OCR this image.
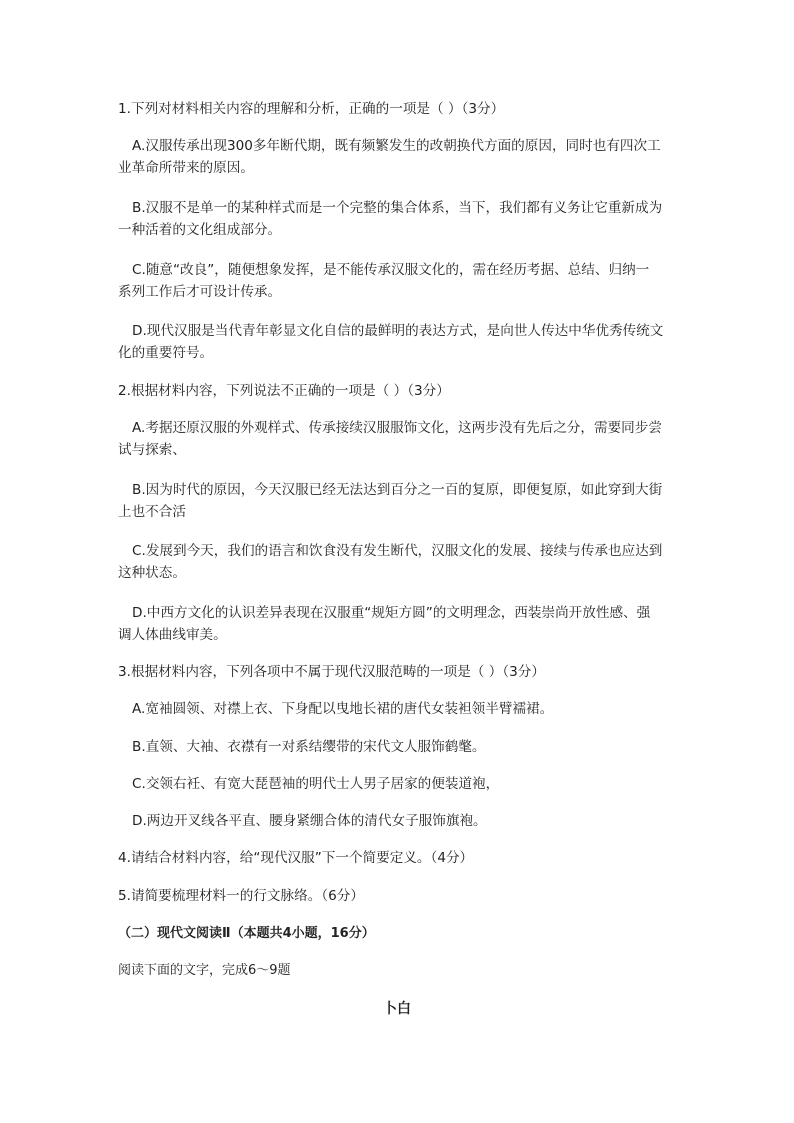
1.下列对材料相关内容的理解和分析，正确的一项是（ ）（3分）
A.汉服传承出现300多年断代期，既有频繁发生的改朝换代方面的原因，同时也有四次工
业革命所带来的原因。
B.汉服不是单一的某种样式而是一个完整的集合体系，当下，我们都有义务让它重新成为
一种活着的文化组成部分。
C.随意“改良”，随便想象发挥，是不能传承汉服文化的，需在经历考据、总结、归纳一
系列工作后才可设计传承。
D.现代汉服是当代青年彰显文化自信的最鲜明的表达方式，是向世人传达中华优秀传统文
化的重要符号。
2.根据材料内容，下列说法不正确的一项是（ ）（3分）
A.考据还原汉服的外观样式、传承接续汉服服饰文化，这两步没有先后之分，需要同步尝
试与探索、
B.因为时代的原因，今天汉服已经无法达到百分之一百的复原，即便复原，如此穿到大街
上也不合活
C.发展到今天，我们的语言和饮食没有发生断代，汉服文化的发展、接续与传承也应达到
这种状态。
D.中西方文化的认识差异表现在汉服重“规矩方圆”的文明理念，西装崇尚开放性感、强
调人体曲线审美。
3.根据材料内容，下列各项中不属于现代汉服范畴的一项是（ ）（3分）
A.宽袖圆领、对襟上衣、下身配以曳地长裙的唐代女装袒领半臂襦裙。
B.直领、大袖、衣襟有一对系结缨带的宋代文人服饰鹤氅。
C.交领右衽、有宽大琵琶袖的明代士人男子居家的便装道袍，
D.两边开叉线各平直、腰身紧绷合体的清代女子服饰旗袍。
4.请结合材料内容，给“现代汉服”下一个简要定义。（4分）
5.请简要梳理材料一的行文脉络。（6分）
（二）现代文阅读Ⅱ（本题共4小题，16分）
阅读下面的文字，完成6～9题
卜白
